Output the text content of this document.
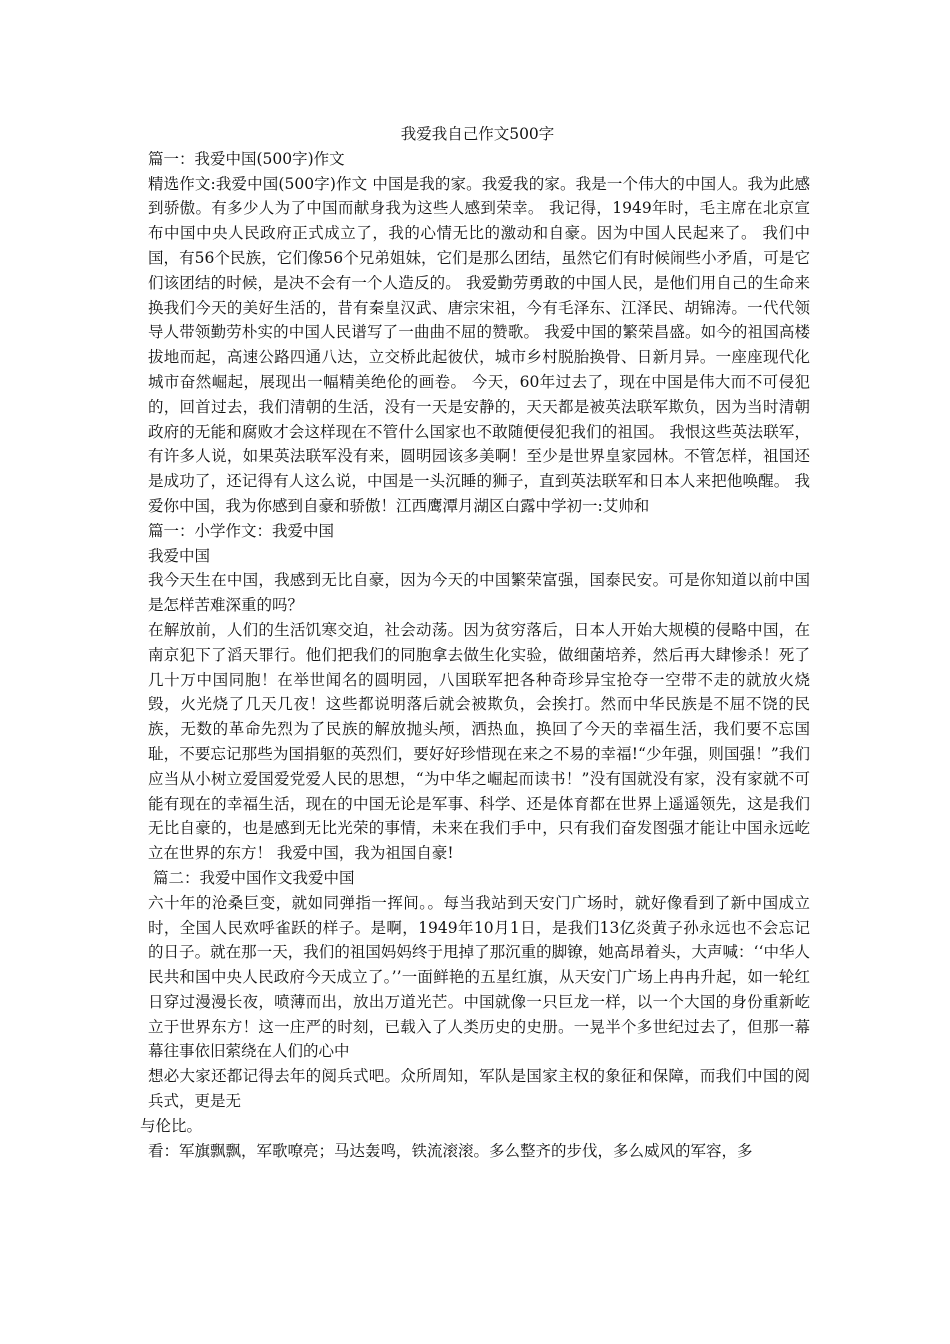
我爱我自己作文500字

篇一：我爱中国(500字)作文

精选作文:我爱中国(500字)作文 中国是我的家。我爱我的家。我是一个伟大的中国人。我为此感到骄傲。有多少人为了中国而献身我为这些人感到荣幸。 我记得，1949年时，毛主席在北京宣布中国中央人民政府正式成立了，我的心情无比的激动和自豪。因为中国人民起来了。 我们中国，有56个民族，它们像56个兄弟姐妹，它们是那么团结，虽然它们有时候闹些小矛盾，可是它们该团结的时候，是决不会有一个人造反的。 我爱勤劳勇敢的中国人民，是他们用自己的生命来换我们今天的美好生活的，昔有秦皇汉武、唐宗宋祖，今有毛泽东、江泽民、胡锦涛。一代代领导人带领勤劳朴实的中国人民谱写了一曲曲不屈的赞歌。 我爱中国的繁荣昌盛。如今的祖国高楼拔地而起，高速公路四通八达，立交桥此起彼伏，城市乡村脱胎换骨、日新月异。一座座现代化城市奋然崛起，展现出一幅精美绝伦的画卷。 今天，60年过去了，现在中国是伟大而不可侵犯的，回首过去，我们清朝的生活，没有一天是安静的，天天都是被英法联军欺负，因为当时清朝政府的无能和腐败才会这样现在不管什么国家也不敢随便侵犯我们的祖国。 我恨这些英法联军，有许多人说，如果英法联军没有来，圆明园该多美啊！至少是世界皇家园林。不管怎样，祖国还是成功了，还记得有人这么说，中国是一头沉睡的狮子，直到英法联军和日本人来把他唤醒。 我爱你中国，我为你感到自豪和骄傲！江西鹰潭月湖区白露中学初一:艾帅和

篇一：小学作文：我爱中国

我爱中国

我今天生在中国，我感到无比自豪，因为今天的中国繁荣富强，国泰民安。可是你知道以前中国是怎样苦难深重的吗？

在解放前，人们的生活饥寒交迫，社会动荡。因为贫穷落后，日本人开始大规模的侵略中国，在南京犯下了滔天罪行。他们把我们的同胞拿去做生化实验，做细菌培养，然后再大肆惨杀！死了几十万中国同胞！在举世闻名的圆明园，八国联军把各种奇珍异宝抢夺一空带不走的就放火烧毁，火光烧了几天几夜！这些都说明落后就会被欺负，会挨打。然而中华民族是不屈不饶的民族，无数的革命先烈为了民族的解放抛头颅，洒热血，换回了今天的幸福生活，我们要不忘国耻，不要忘记那些为国捐躯的英烈们，要好好珍惜现在来之不易的幸福!“少年强，则国强！”我们应当从小树立爱国爱党爱人民的思想，“为中华之崛起而读书！”没有国就没有家，没有家就不可能有现在的幸福生活，现在的中国无论是军事、科学、还是体育都在世界上遥遥领先，这是我们无比自豪的，也是感到无比光荣的事情，未来在我们手中，只有我们奋发图强才能让中国永远屹立在世界的东方！ 我爱中国，我为祖国自豪!

篇二：我爱中国作文我爱中国

六十年的沧桑巨变，就如同弹指一挥间。。每当我站到天安门广场时，就好像看到了新中国成立时，全国人民欢呼雀跃的样子。是啊，1949年10月1日，是我们13亿炎黄子孙永远也不会忘记的日子。就在那一天，我们的祖国妈妈终于甩掉了那沉重的脚镣，她高昂着头，大声喊：‘‘中华人民共和国中央人民政府今天成立了。’’一面鲜艳的五星红旗，从天安门广场上冉冉升起，如一轮红日穿过漫漫长夜，喷薄而出，放出万道光芒。中国就像一只巨龙一样，以一个大国的身份重新屹立于世界东方！这一庄严的时刻，已载入了人类历史的史册。一晃半个多世纪过去了，但那一幕幕往事依旧萦绕在人们的心中

想必大家还都记得去年的阅兵式吧。众所周知，军队是国家主权的象征和保障，而我们中国的阅兵式，更是无

与伦比。

看：军旗飘飘，军歌嘹亮；马达轰鸣，铁流滚滚。多么整齐的步伐，多么威风的军容，多
